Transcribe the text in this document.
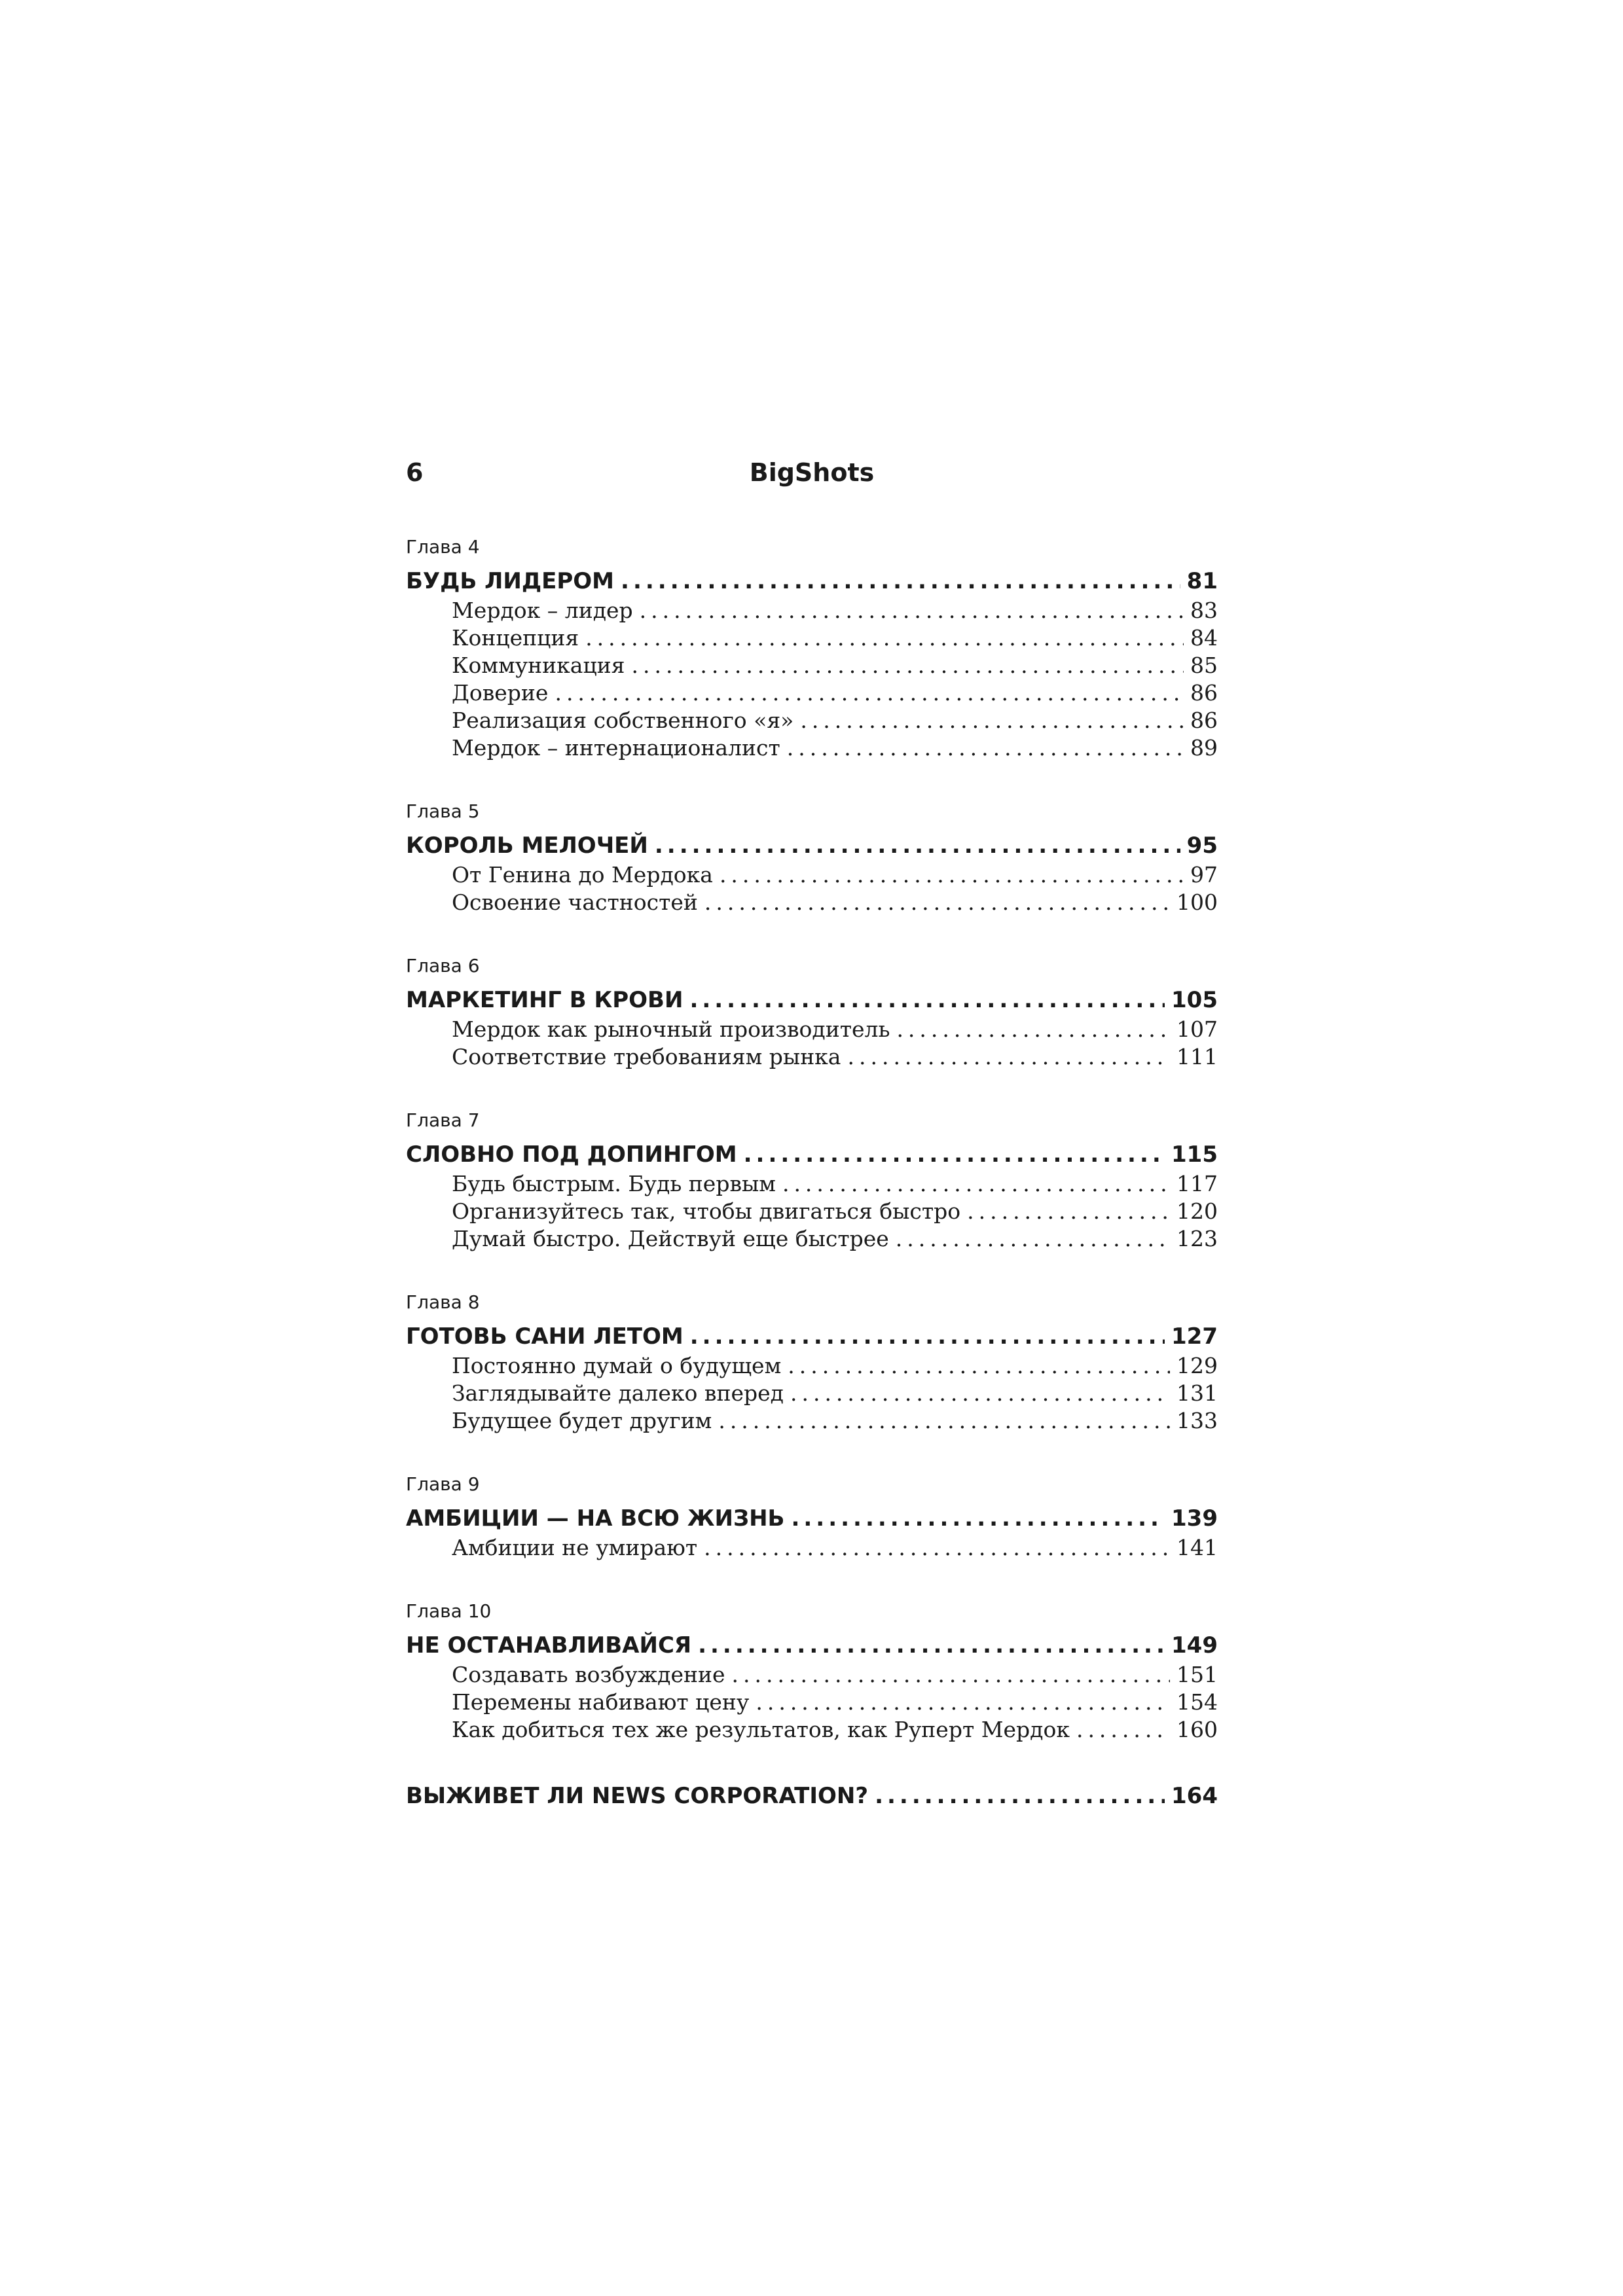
6	BigShots
Глава 4
БУДЬ ЛИДЕРОМ .....	81
Мердок – лидер .....	83
Концепция .....	84
Коммуникация .....	85
Доверие .....	86
Реализация собственного «я» .....	86
Мердок – интернационалист .....	89
Глава 5
КОРОЛЬ МЕЛОЧЕЙ .....	95
От Генина до Мердока .....	97
Освоение частностей .....	100
Глава 6
МАРКЕТИНГ В КРОВИ .....	105
Мердок как рыночный производитель .....	107
Соответствие требованиям рынка .....	111
Глава 7
СЛОВНО ПОД ДОПИНГОМ .....	115
Будь быстрым. Будь первым .....	117
Организуйтесь так, чтобы двигаться быстро .....	120
Думай быстро. Действуй еще быстрее .....	123
Глава 8
ГОТОВЬ САНИ ЛЕТОМ .....	127
Постоянно думай о будущем .....	129
Заглядывайте далеко вперед .....	131
Будущее будет другим .....	133
Глава 9
АМБИЦИИ — НА ВСЮ ЖИЗНЬ .....	139
Амбиции не умирают .....	141
Глава 10
НЕ ОСТАНАВЛИВАЙСЯ .....	149
Создавать возбуждение .....	151
Перемены набивают цену .....	154
Как добиться тех же результатов, как Руперт Мердок .....	160
ВЫЖИВЕТ ЛИ NEWS CORPORATION? .....	164
